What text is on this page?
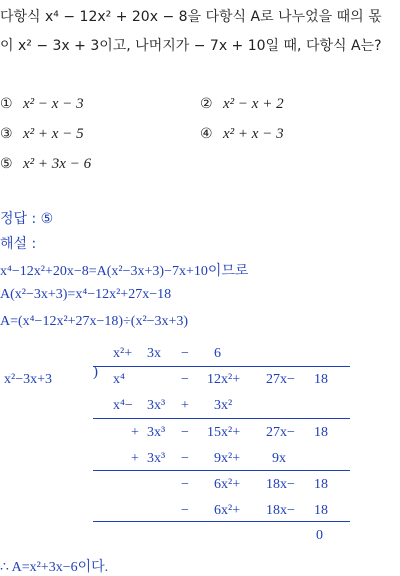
다항식 x⁴ − 12x² + 20x − 8을 다항식 A로 나누었을 때의 몫
이 x² − 3x + 3이고, 나머지가 − 7x + 10일 때, 다항식 A는?
① x² − x − 3	② x² − x + 2
③ x² + x − 5	④ x² + x − 3
⑤ x² + 3x − 6
정답 : ⑤
해설 :
x⁴−12x²+20x−8=A(x²−3x+3)−7x+10이므로
A(x²−3x+3)=x⁴−12x²+27x−18
A=(x⁴−12x²+27x−18)÷(x²−3x+3)
x²−3x+3
x²+ 3x − 6
) x⁴	− 12x²+ 27x− 18
x⁴− 3x³ + 3x²
+ 3x³ − 15x²+ 27x− 18
+ 3x³ − 9x²+ 9x
− 6x²+ 18x− 18
− 6x²+ 18x− 18
0
∴ A=x²+3x−6이다.
